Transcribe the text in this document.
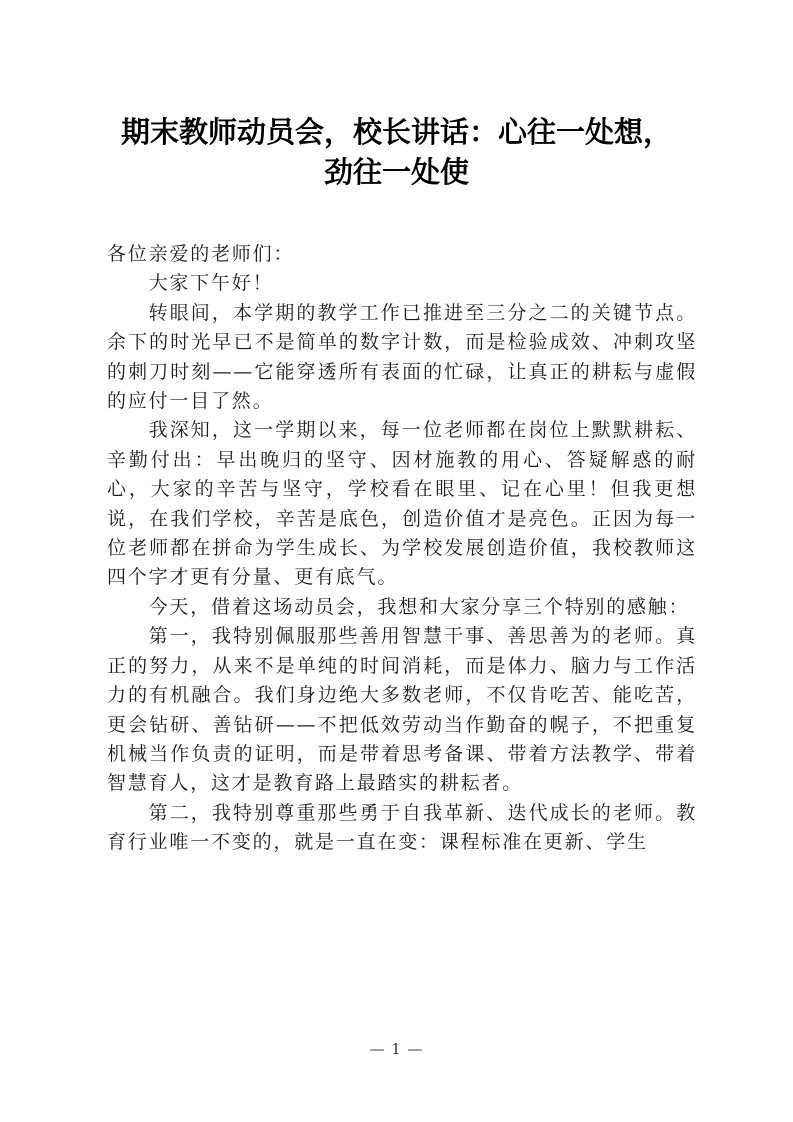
期末教师动员会，校长讲话：心往一处想，
劲往一处使

各位亲爱的老师们：

大家下午好！

转眼间，本学期的教学工作已推进至三分之二的关键节点。余下的时光早已不是简单的数字计数，而是检验成效、冲刺攻坚的刺刀时刻——它能穿透所有表面的忙碌，让真正的耕耘与虚假的应付一目了然。

我深知，这一学期以来，每一位老师都在岗位上默默耕耘、辛勤付出：早出晚归的坚守、因材施教的用心、答疑解惑的耐心，大家的辛苦与坚守，学校看在眼里、记在心里！但我更想说，在我们学校，辛苦是底色，创造价值才是亮色。正因为每一位老师都在拼命为学生成长、为学校发展创造价值，我校教师这四个字才更有分量、更有底气。

今天，借着这场动员会，我想和大家分享三个特别的感触：

第一，我特别佩服那些善用智慧干事、善思善为的老师。真正的努力，从来不是单纯的时间消耗，而是体力、脑力与工作活力的有机融合。我们身边绝大多数老师，不仅肯吃苦、能吃苦，更会钻研、善钻研——不把低效劳动当作勤奋的幌子，不把重复机械当作负责的证明，而是带着思考备课、带着方法教学、带着智慧育人，这才是教育路上最踏实的耕耘者。

第二，我特别尊重那些勇于自我革新、迭代成长的老师。教育行业唯一不变的，就是一直在变：课程标准在更新、学生

— 1 —
